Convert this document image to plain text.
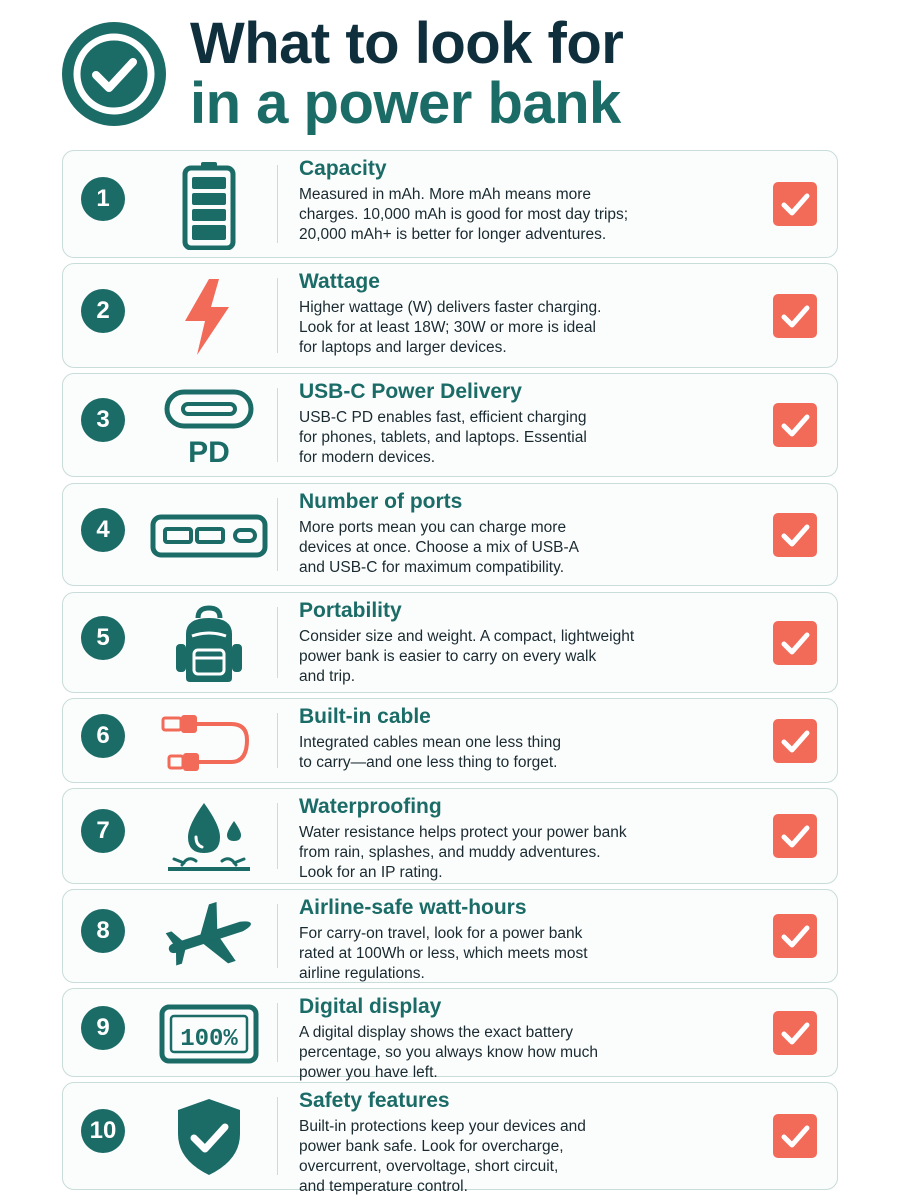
What to look for
in a power bank
1

Capacity

Measured in mAh. More mAh means more
charges. 10,000 mAh is good for most day trips;
20,000 mAh+ is better for longer adventures.

2

Wattage

Higher wattage (W) delivers faster charging.
Look for at least 18W; 30W or more is ideal
for laptops and larger devices.

3
PD

USB-C Power Delivery

USB-C PD enables fast, efficient charging
for phones, tablets, and laptops. Essential
for modern devices.

4

Number of ports

More ports mean you can charge more
devices at once. Choose a mix of USB-A
and USB-C for maximum compatibility.

5

Portability

Consider size and weight. A compact, lightweight
power bank is easier to carry on every walk
and trip.

6

Built-in cable

Integrated cables mean one less thing
to carry—and one less thing to forget.

7

Waterproofing

Water resistance helps protect your power bank
from rain, splashes, and muddy adventures.
Look for an IP rating.

8

Airline-safe watt-hours

For carry-on travel, look for a power bank
rated at 100Wh or less, which meets most
airline regulations.

9	100%

Digital display

A digital display shows the exact battery
percentage, so you always know how much
power you have left.

10

Safety features

Built-in protections keep your devices and
power bank safe. Look for overcharge,
overcurrent, overvoltage, short circuit,
and temperature control.
